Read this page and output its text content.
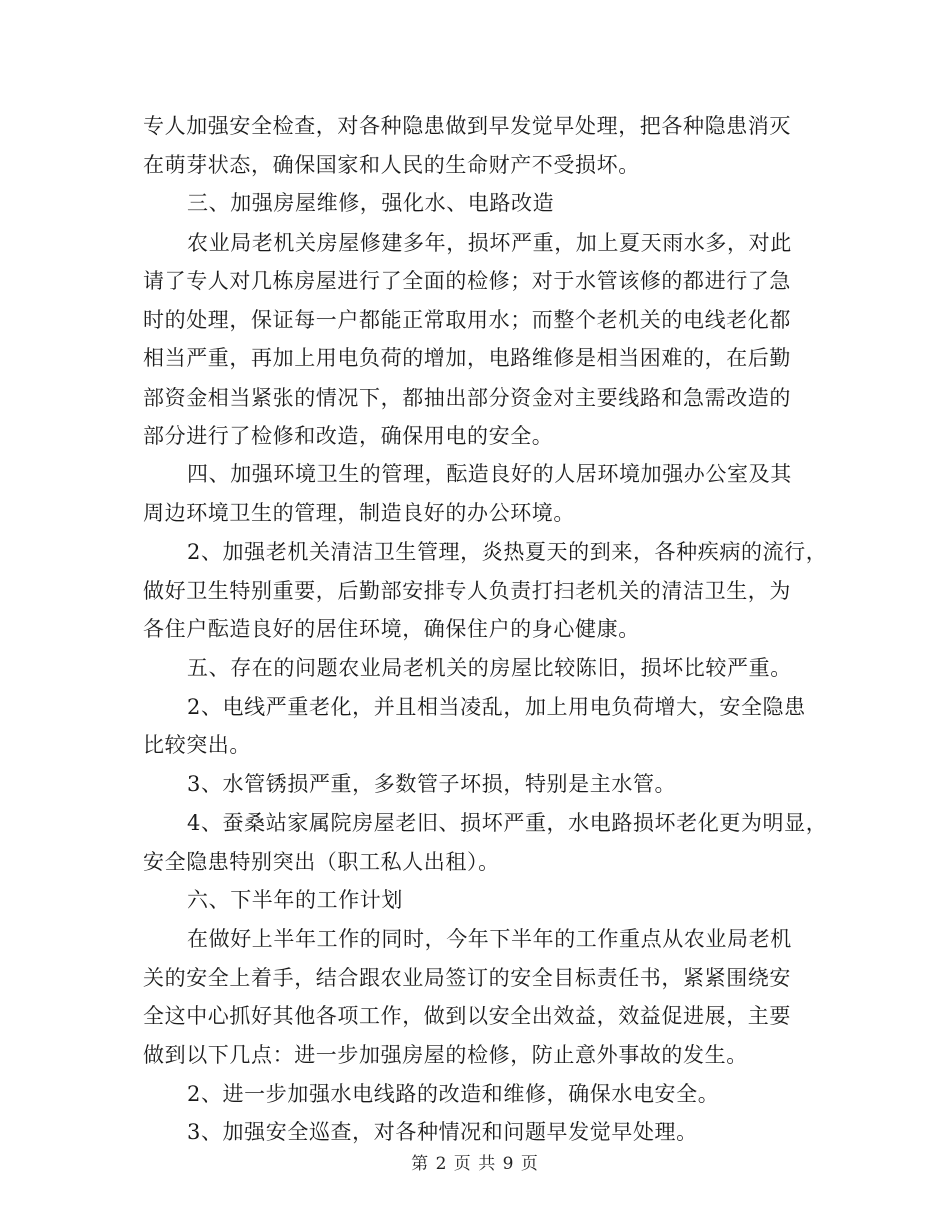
专人加强安全检查，对各种隐患做到早发觉早处理，把各种隐患消灭
在萌芽状态，确保国家和人民的生命财产不受损坏。
三、加强房屋维修，强化水、电路改造
农业局老机关房屋修建多年，损坏严重，加上夏天雨水多，对此
请了专人对几栋房屋进行了全面的检修；对于水管该修的都进行了急
时的处理，保证每一户都能正常取用水；而整个老机关的电线老化都
相当严重，再加上用电负荷的增加，电路维修是相当困难的，在后勤
部资金相当紧张的情况下，都抽出部分资金对主要线路和急需改造的
部分进行了检修和改造，确保用电的安全。
四、加强环境卫生的管理，酝造良好的人居环境加强办公室及其
周边环境卫生的管理，制造良好的办公环境。
2、加强老机关清洁卫生管理，炎热夏天的到来，各种疾病的流行，
做好卫生特别重要，后勤部安排专人负责打扫老机关的清洁卫生，为
各住户酝造良好的居住环境，确保住户的身心健康。
五、存在的问题农业局老机关的房屋比较陈旧，损坏比较严重。
2、电线严重老化，并且相当凌乱，加上用电负荷增大，安全隐患
比较突出。
3、水管锈损严重，多数管子坏损，特别是主水管。
4、蚕桑站家属院房屋老旧、损坏严重，水电路损坏老化更为明显，
安全隐患特别突出（职工私人出租）。
六、下半年的工作计划
在做好上半年工作的同时，今年下半年的工作重点从农业局老机
关的安全上着手，结合跟农业局签订的安全目标责任书，紧紧围绕安
全这中心抓好其他各项工作，做到以安全出效益，效益促进展，主要
做到以下几点：进一步加强房屋的检修，防止意外事故的发生。
2、进一步加强水电线路的改造和维修，确保水电安全。
3、加强安全巡查，对各种情况和问题早发觉早处理。
第 2 页 共 9 页
